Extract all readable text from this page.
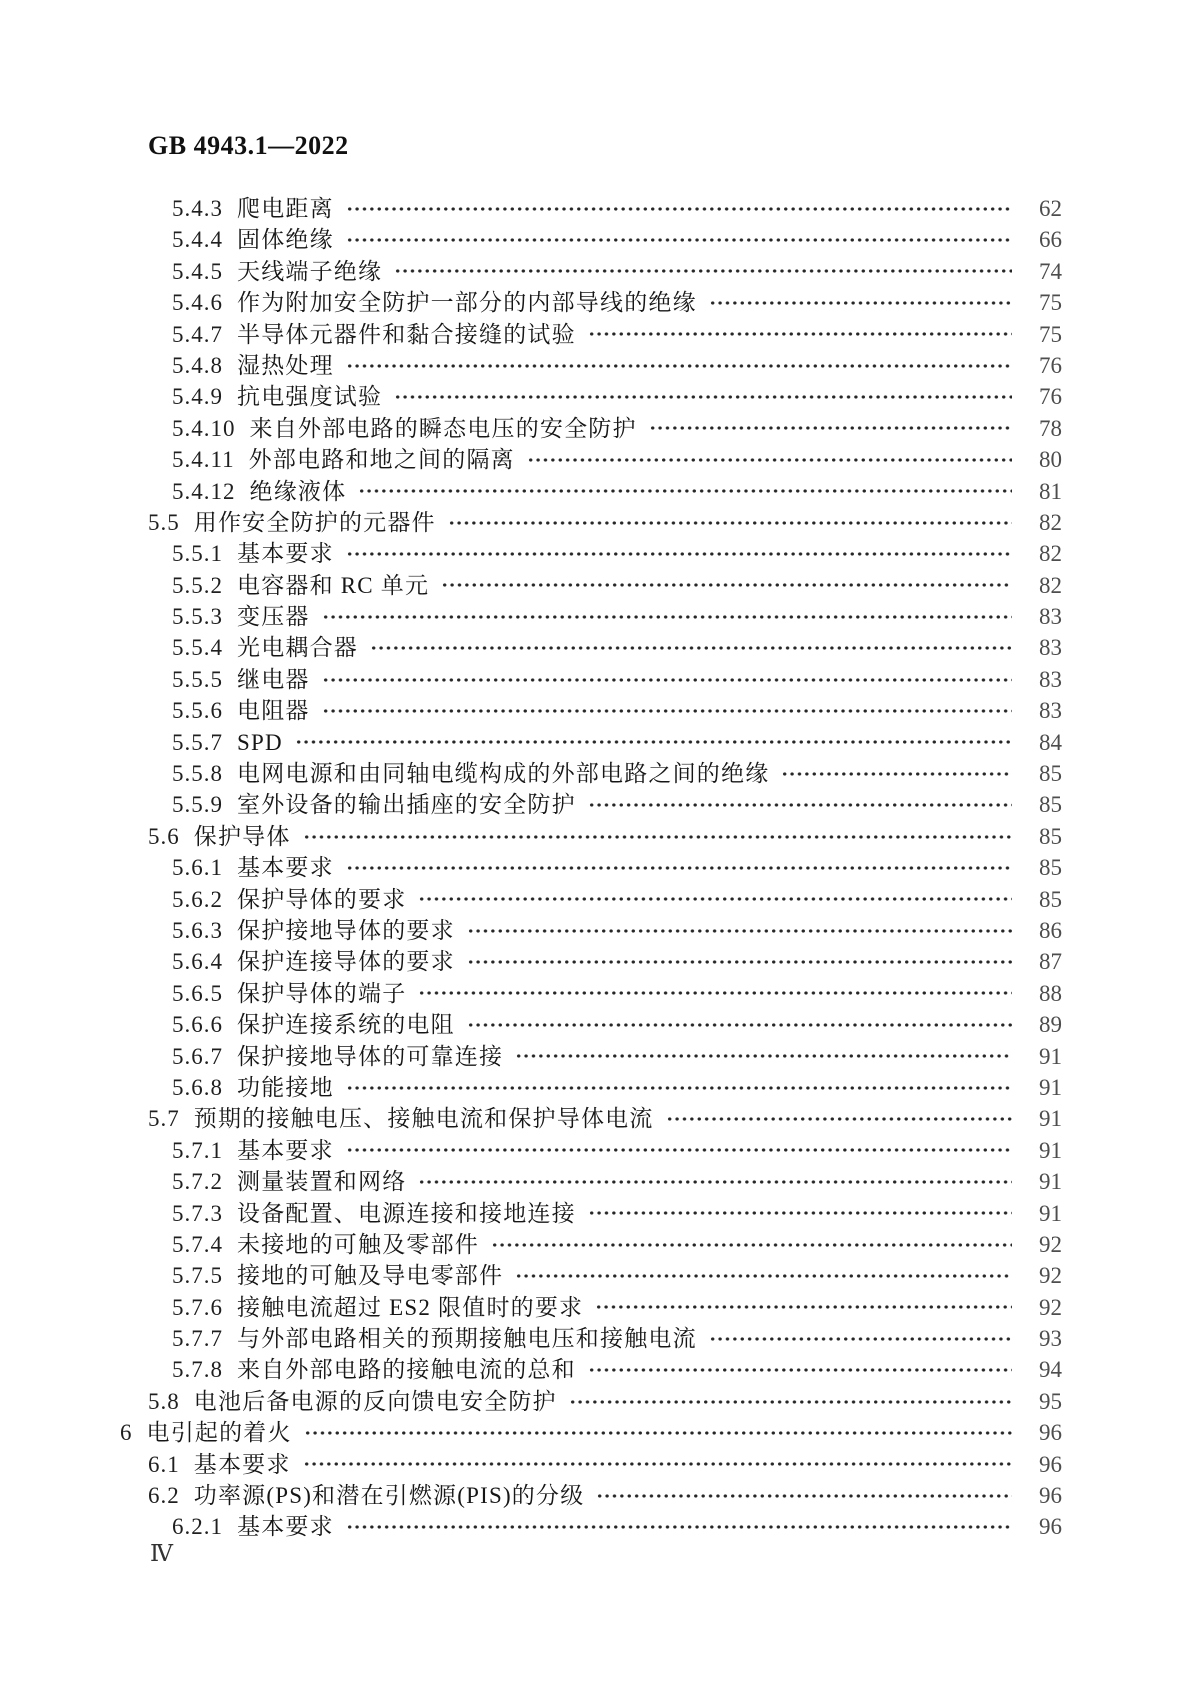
GB 4943.1—2022
5.4.3 爬电距离	62
5.4.4 固体绝缘	66
5.4.5 天线端子绝缘	74
5.4.6 作为附加安全防护一部分的内部导线的绝缘	75
5.4.7 半导体元器件和黏合接缝的试验	75
5.4.8 湿热处理	76
5.4.9 抗电强度试验	76
5.4.10 来自外部电路的瞬态电压的安全防护	78
5.4.11 外部电路和地之间的隔离	80
5.4.12 绝缘液体	81
5.5 用作安全防护的元器件	82
5.5.1 基本要求	82
5.5.2 电容器和 RC 单元	82
5.5.3 变压器	83
5.5.4 光电耦合器	83
5.5.5 继电器	83
5.5.6 电阻器	83
5.5.7 SPD	84
5.5.8 电网电源和由同轴电缆构成的外部电路之间的绝缘	85
5.5.9 室外设备的输出插座的安全防护	85
5.6 保护导体	85
5.6.1 基本要求	85
5.6.2 保护导体的要求	85
5.6.3 保护接地导体的要求	86
5.6.4 保护连接导体的要求	87
5.6.5 保护导体的端子	88
5.6.6 保护连接系统的电阻	89
5.6.7 保护接地导体的可靠连接	91
5.6.8 功能接地	91
5.7 预期的接触电压、接触电流和保护导体电流	91
5.7.1 基本要求	91
5.7.2 测量装置和网络	91
5.7.3 设备配置、电源连接和接地连接	91
5.7.4 未接地的可触及零部件	92
5.7.5 接地的可触及导电零部件	92
5.7.6 接触电流超过 ES2 限值时的要求	92
5.7.7 与外部电路相关的预期接触电压和接触电流	93
5.7.8 来自外部电路的接触电流的总和	94
5.8 电池后备电源的反向馈电安全防护	95
6 电引起的着火	96
6.1 基本要求	96
6.2 功率源(PS)和潜在引燃源(PIS)的分级	96
6.2.1 基本要求	96
Ⅳ
